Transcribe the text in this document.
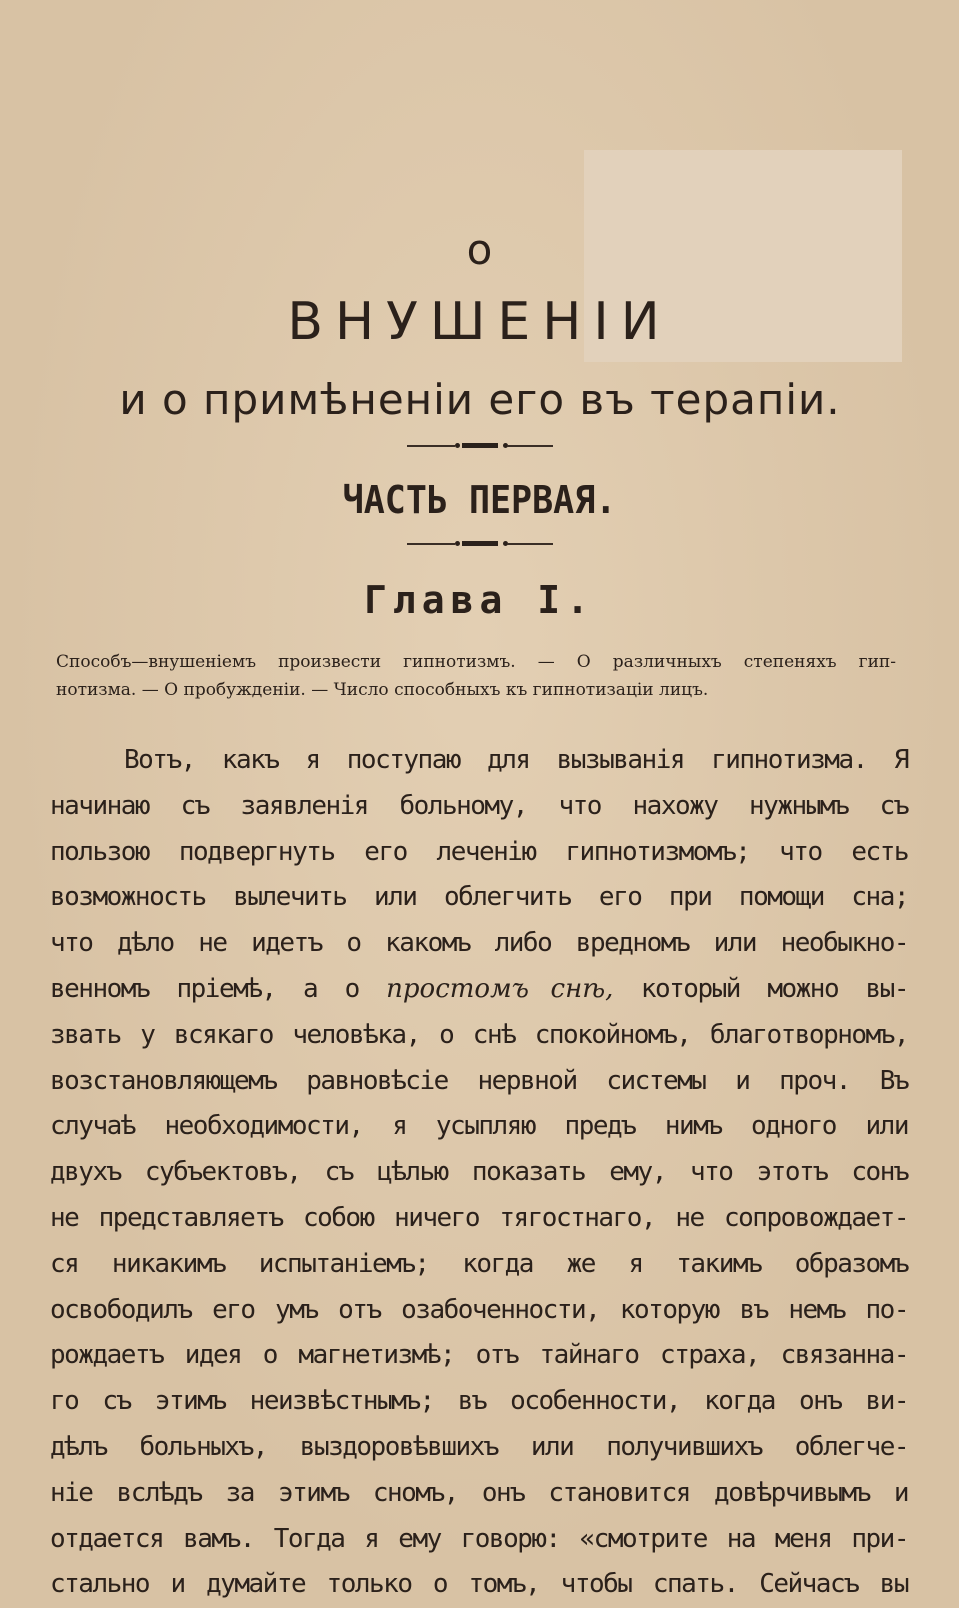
о
ВНУШЕНІИ
и о примѣненіи его въ терапіи.
ЧАСТЬ ПЕРВАЯ.
Глава I.
Способъ—внушеніемъ произвести гипнотизмъ. — О различныхъ степеняхъ гип-
нотизма. — О пробужденіи. — Число способныхъ къ гипнотизаціи лицъ.
Вотъ, какъ я поступаю для вызыванія гипнотизма. Я
начинаю съ заявленія больному, что нахожу нужнымъ съ
пользою подвергнуть его леченію гипнотизмомъ; что есть
возможность вылечить или облегчить его при помощи сна;
что дѣло не идетъ о какомъ либо вредномъ или необыкно-
венномъ пріемѣ, а о простомъ снѣ, который можно вы-
звать у всякаго человѣка, о снѣ спокойномъ, благотворномъ,
возстановляющемъ равновѣсіе нервной системы и проч. Въ
случаѣ необходимости, я усыпляю предъ нимъ одного или
двухъ субъектовъ, съ цѣлью показать ему, что этотъ сонъ
не представляетъ собою ничего тягостнаго, не сопровождает-
ся никакимъ испытаніемъ; когда же я такимъ образомъ
освободилъ его умъ отъ озабоченности, которую въ немъ по-
рождаетъ идея о магнетизмѣ; отъ тайнаго страха, связанна-
го съ этимъ неизвѣстнымъ; въ особенности, когда онъ ви-
дѣлъ больныхъ, выздоровѣвшихъ или получившихъ облегче-
ніе вслѣдъ за этимъ сномъ, онъ становится довѣрчивымъ и
отдается вамъ. Тогда я ему говорю: «смотрите на меня при-
стально и думайте только о томъ, чтобы спать. Сейчасъ вы
